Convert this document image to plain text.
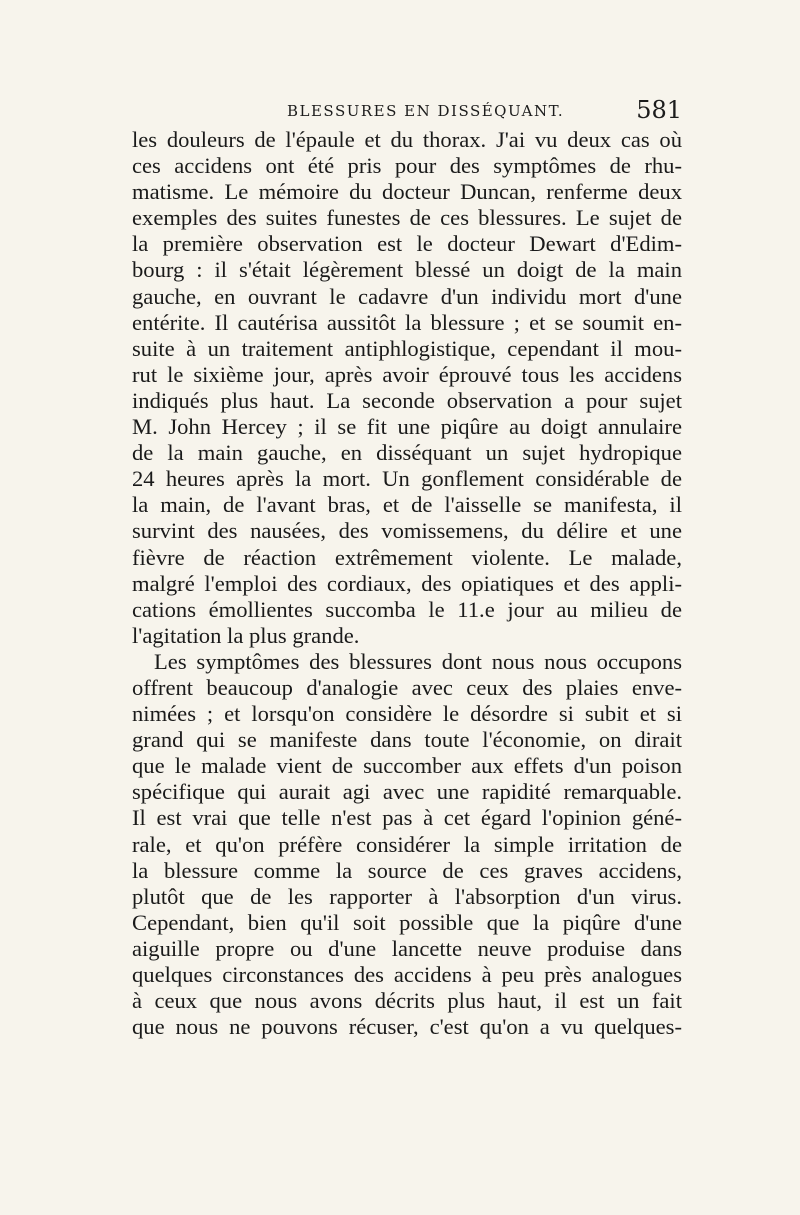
BLESSURES EN DISSÉQUANT.	581
les douleurs de l'épaule et du thorax. J'ai vu deux cas où
ces accidens ont été pris pour des symptômes de rhu-
matisme. Le mémoire du docteur Duncan, renferme deux
exemples des suites funestes de ces blessures. Le sujet de
la première observation est le docteur Dewart d'Edim-
bourg : il s'était légèrement blessé un doigt de la main
gauche, en ouvrant le cadavre d'un individu mort d'une
entérite. Il cautérisa aussitôt la blessure ; et se soumit en-
suite à un traitement antiphlogistique, cependant il mou-
rut le sixième jour, après avoir éprouvé tous les accidens
indiqués plus haut. La seconde observation a pour sujet
M. John Hercey ; il se fit une piqûre au doigt annulaire
de la main gauche, en disséquant un sujet hydropique
24 heures après la mort. Un gonflement considérable de
la main, de l'avant bras, et de l'aisselle se manifesta, il
survint des nausées, des vomissemens, du délire et une
fièvre de réaction extrêmement violente. Le malade,
malgré l'emploi des cordiaux, des opiatiques et des appli-
cations émollientes succomba le 11.e jour au milieu de
l'agitation la plus grande.
Les symptômes des blessures dont nous nous occupons
offrent beaucoup d'analogie avec ceux des plaies enve-
nimées ; et lorsqu'on considère le désordre si subit et si
grand qui se manifeste dans toute l'économie, on dirait
que le malade vient de succomber aux effets d'un poison
spécifique qui aurait agi avec une rapidité remarquable.
Il est vrai que telle n'est pas à cet égard l'opinion géné-
rale, et qu'on préfère considérer la simple irritation de
la blessure comme la source de ces graves accidens,
plutôt que de les rapporter à l'absorption d'un virus.
Cependant, bien qu'il soit possible que la piqûre d'une
aiguille propre ou d'une lancette neuve produise dans
quelques circonstances des accidens à peu près analogues
à ceux que nous avons décrits plus haut, il est un fait
que nous ne pouvons récuser, c'est qu'on a vu quelques-
